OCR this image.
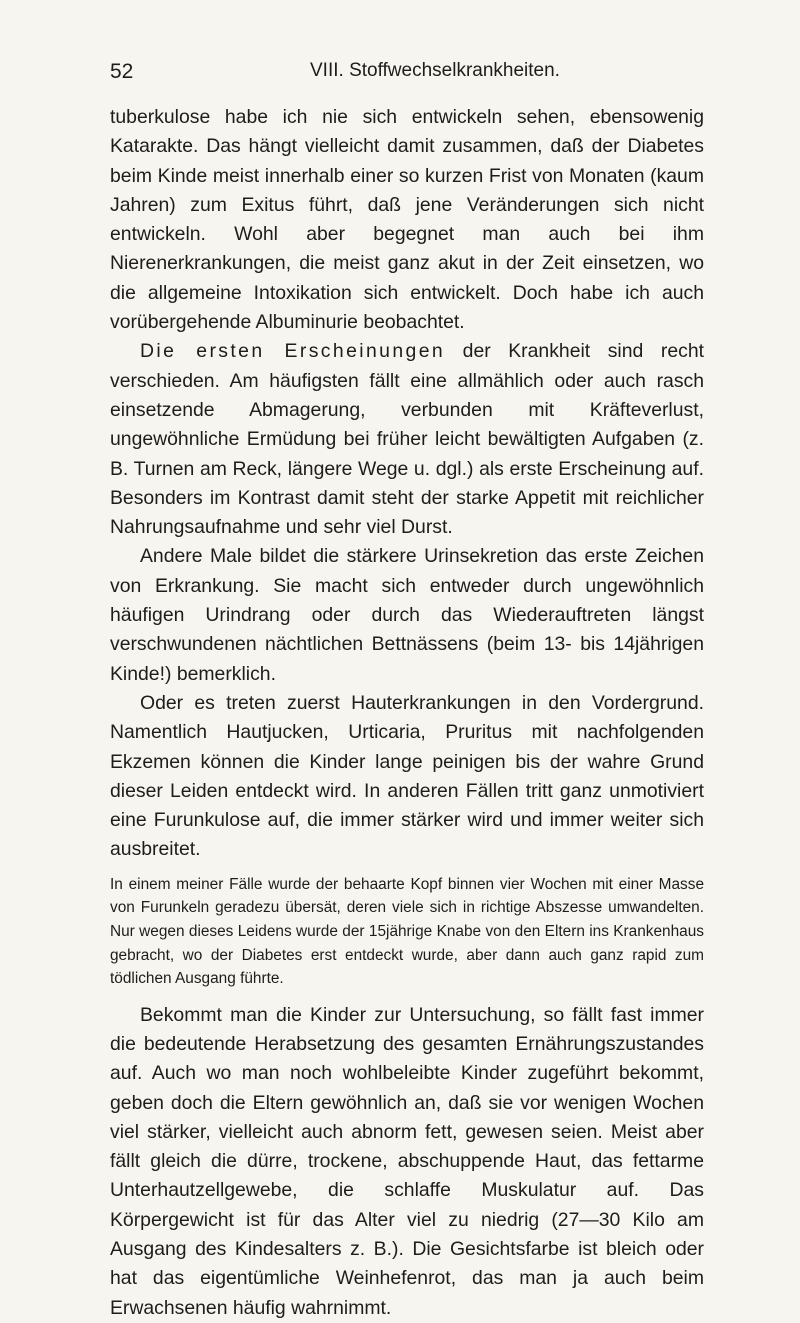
52	VIII. Stoffwechselkrankheiten.

tuberkulose habe ich nie sich entwickeln sehen, ebensowenig Katarakte. Das hängt vielleicht damit zusammen, daß der Diabetes beim Kinde meist innerhalb einer so kurzen Frist von Monaten (kaum Jahren) zum Exitus führt, daß jene Veränderungen sich nicht entwickeln. Wohl aber begegnet man auch bei ihm Nierenerkrankungen, die meist ganz akut in der Zeit einsetzen, wo die allgemeine Intoxikation sich entwickelt. Doch habe ich auch vorübergehende Albuminurie beobachtet.

Die ersten Erscheinungen der Krankheit sind recht verschieden. Am häufigsten fällt eine allmählich oder auch rasch einsetzende Abmagerung, verbunden mit Kräfteverlust, ungewöhnliche Ermüdung bei früher leicht bewältigten Aufgaben (z. B. Turnen am Reck, längere Wege u. dgl.) als erste Erscheinung auf. Besonders im Kontrast damit steht der starke Appetit mit reichlicher Nahrungsaufnahme und sehr viel Durst.

Andere Male bildet die stärkere Urinsekretion das erste Zeichen von Erkrankung. Sie macht sich entweder durch ungewöhnlich häufigen Urindrang oder durch das Wiederauftreten längst verschwundenen nächtlichen Bettnässens (beim 13- bis 14jährigen Kinde!) bemerklich.

Oder es treten zuerst Hauterkrankungen in den Vordergrund. Namentlich Hautjucken, Urticaria, Pruritus mit nachfolgenden Ekzemen können die Kinder lange peinigen bis der wahre Grund dieser Leiden entdeckt wird. In anderen Fällen tritt ganz unmotiviert eine Furunkulose auf, die immer stärker wird und immer weiter sich ausbreitet.

In einem meiner Fälle wurde der behaarte Kopf binnen vier Wochen mit einer Masse von Furunkeln geradezu übersät, deren viele sich in richtige Abszesse umwandelten. Nur wegen dieses Leidens wurde der 15jährige Knabe von den Eltern ins Krankenhaus gebracht, wo der Diabetes erst entdeckt wurde, aber dann auch ganz rapid zum tödlichen Ausgang führte.

Bekommt man die Kinder zur Untersuchung, so fällt fast immer die bedeutende Herabsetzung des gesamten Ernährungszustandes auf. Auch wo man noch wohlbeleibte Kinder zugeführt bekommt, geben doch die Eltern gewöhnlich an, daß sie vor wenigen Wochen viel stärker, vielleicht auch abnorm fett, gewesen seien. Meist aber fällt gleich die dürre, trockene, abschuppende Haut, das fettarme Unterhautzellgewebe, die schlaffe Muskulatur auf. Das Körpergewicht ist für das Alter viel zu niedrig (27—30 Kilo am Ausgang des Kindesalters z. B.). Die Gesichtsfarbe ist bleich oder hat das eigentümliche Weinhefenrot, das man ja auch beim Erwachsenen häufig wahrnimmt.
